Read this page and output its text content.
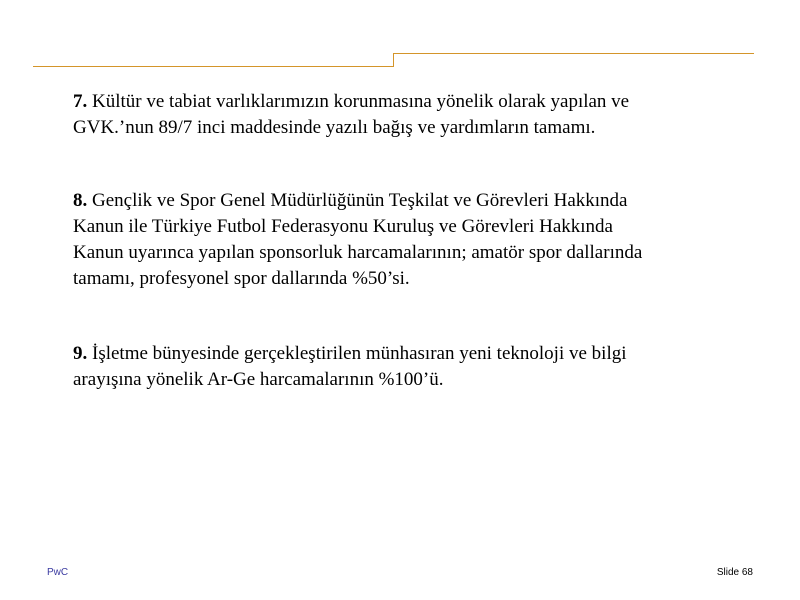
7. Kültür ve tabiat varlıklarımızın korunmasına yönelik olarak yapılan ve
GVK.’nun 89/7 inci maddesinde yazılı bağış ve yardımların tamamı.

8. Gençlik ve Spor Genel Müdürlüğünün Teşkilat ve Görevleri Hakkında
Kanun ile Türkiye Futbol Federasyonu Kuruluş ve Görevleri Hakkında
Kanun uyarınca yapılan sponsorluk harcamalarının; amatör spor dallarında
tamamı, profesyonel spor dallarında %50’si.

9. İşletme bünyesinde gerçekleştirilen münhasıran yeni teknoloji ve bilgi
arayışına yönelik Ar-Ge harcamalarının %100’ü.

PwC	Slide 68
